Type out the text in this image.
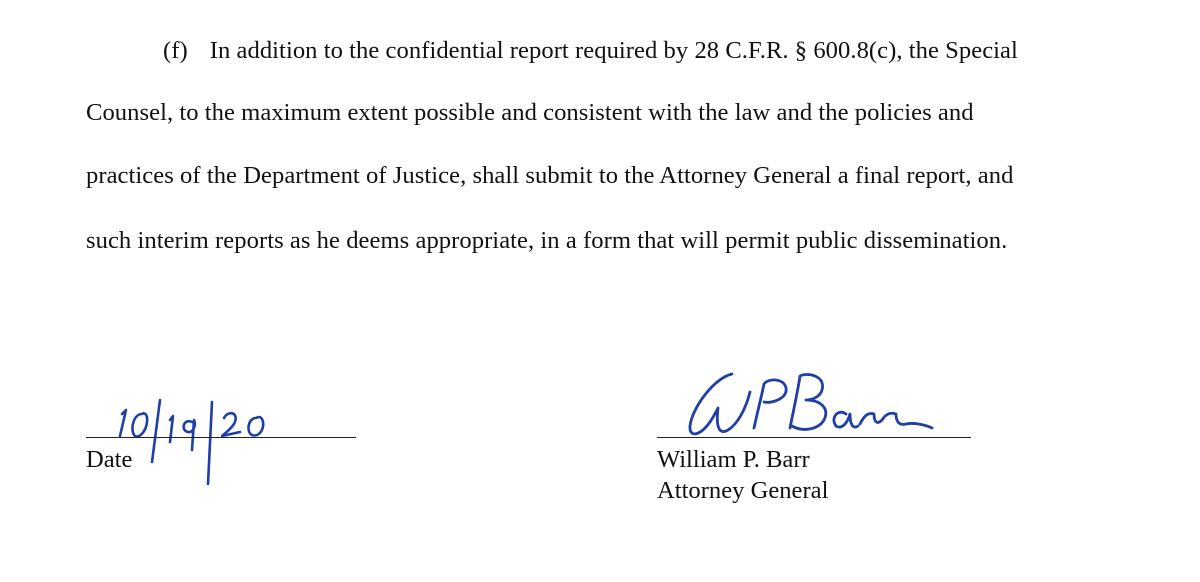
(f) In addition to the confidential report required by 28 C.F.R. § 600.8(c), the Special
Counsel, to the maximum extent possible and consistent with the law and the policies and
practices of the Department of Justice, shall submit to the Attorney General a final report, and
such interim reports as he deems appropriate, in a form that will permit public dissemination.
Date	William P. Barr
Attorney General
